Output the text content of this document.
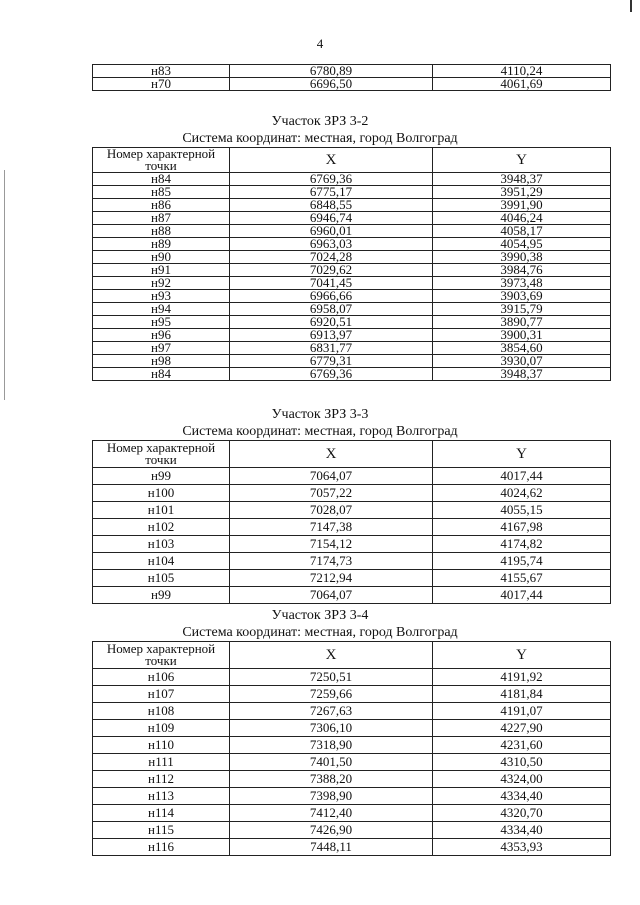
4
н83	6780,89	4110,24
н70	6696,50	4061,69
Участок ЗРЗ 3-2
Система координат: местная, город Волгоград
Номер характерной точки	X	Y
н84	6769,36	3948,37
н85	6775,17	3951,29
н86	6848,55	3991,90
н87	6946,74	4046,24
н88	6960,01	4058,17
н89	6963,03	4054,95
н90	7024,28	3990,38
н91	7029,62	3984,76
н92	7041,45	3973,48
н93	6966,66	3903,69
н94	6958,07	3915,79
н95	6920,51	3890,77
н96	6913,97	3900,31
н97	6831,77	3854,60
н98	6779,31	3930,07
н84	6769,36	3948,37
Участок ЗРЗ 3-3
Система координат: местная, город Волгоград
Номер характерной точки	X	Y
н99	7064,07	4017,44
н100	7057,22	4024,62
н101	7028,07	4055,15
н102	7147,38	4167,98
н103	7154,12	4174,82
н104	7174,73	4195,74
н105	7212,94	4155,67
н99	7064,07	4017,44
Участок ЗРЗ 3-4
Система координат: местная, город Волгоград
Номер характерной точки	X	Y
н106	7250,51	4191,92
н107	7259,66	4181,84
н108	7267,63	4191,07
н109	7306,10	4227,90
н110	7318,90	4231,60
н111	7401,50	4310,50
н112	7388,20	4324,00
н113	7398,90	4334,40
н114	7412,40	4320,70
н115	7426,90	4334,40
н116	7448,11	4353,93
